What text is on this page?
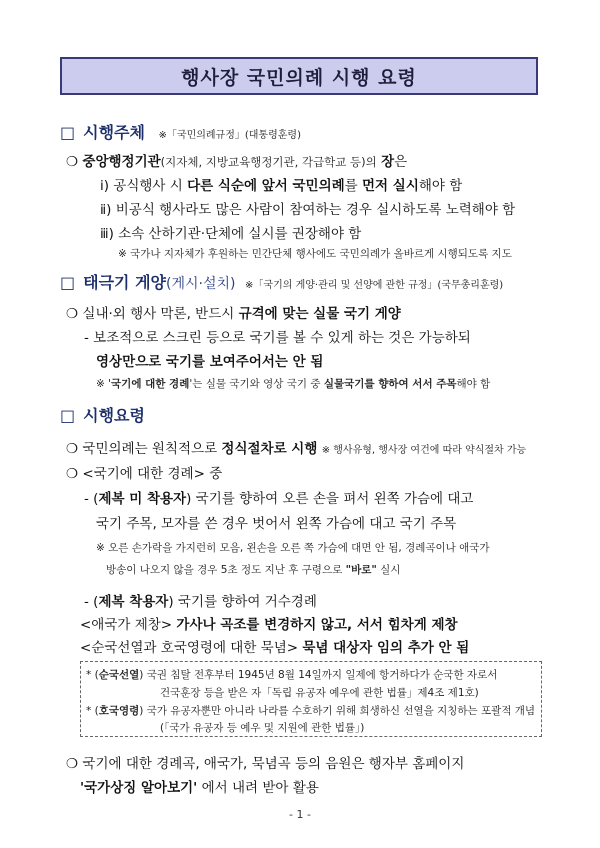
행사장 국민의례 시행 요령
□ 시행주체 ※「국민의례규정」(대통령훈령)
❍ 중앙행정기관(지자체, 지방교육행정기관, 각급학교 등)의 장은
ⅰ) 공식행사 시 다른 식순에 앞서 국민의례를 먼저 실시해야 함
ⅱ) 비공식 행사라도 많은 사람이 참여하는 경우 실시하도록 노력해야 함
ⅲ) 소속 산하기관·단체에 실시를 권장해야 함
※ 국가나 지자체가 후원하는 민간단체 행사에도 국민의례가 올바르게 시행되도록 지도
□ 태극기 게양(게시·설치) ※「국기의 게양·관리 및 선양에 관한 규정」(국무총리훈령)
❍ 실내·외 행사 막론, 반드시 규격에 맞는 실물 국기 게양
- 보조적으로 스크린 등으로 국기를 볼 수 있게 하는 것은 가능하되
영상만으로 국기를 보여주어서는 안 됨
※ '국기에 대한 경례'는 실물 국기와 영상 국기 중 실물국기를 향하여 서서 주목해야 함
□ 시행요령
❍ 국민의례는 원칙적으로 정식절차로 시행 ※ 행사유형, 행사장 여건에 따라 약식절차 가능
❍ <국기에 대한 경례> 중
- (제복 미 착용자) 국기를 향하여 오른 손을 펴서 왼쪽 가슴에 대고
국기 주목, 모자를 쓴 경우 벗어서 왼쪽 가슴에 대고 국기 주목
※ 오른 손가락을 가지런히 모음, 왼손을 오른 쪽 가슴에 대면 안 됨, 경례곡이나 애국가
방송이 나오지 않을 경우 5초 정도 지난 후 구령으로 "바로" 실시
- (제복 착용자) 국기를 향하여 거수경례
<애국가 제창> 가사나 곡조를 변경하지 않고, 서서 힘차게 제창
<순국선열과 호국영령에 대한 묵념> 묵념 대상자 임의 추가 안 됨
* (순국선열) 국권 침탈 전후부터 1945년 8월 14일까지 일제에 항거하다가 순국한 자로서
건국훈장 등을 받은 자「독립 유공자 예우에 관한 법률」제4조 제1호)
* (호국영령) 국가 유공자뿐만 아니라 나라를 수호하기 위해 희생하신 선열을 지칭하는 포괄적 개념
(「국가 유공자 등 예우 및 지원에 관한 법률」)
❍ 국기에 대한 경례곡, 애국가, 묵념곡 등의 음원은 행자부 홈페이지
'국가상징 알아보기' 에서 내려 받아 활용
- 1 -
